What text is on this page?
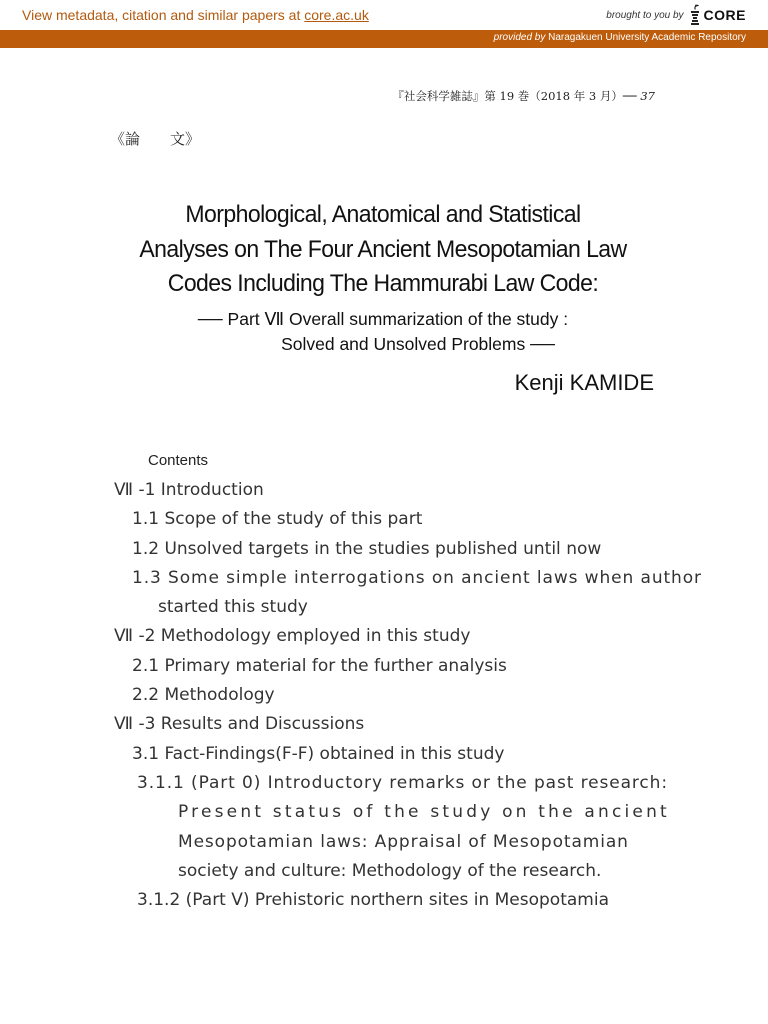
View metadata, citation and similar papers at core.ac.uk	brought to you by CORE
provided by Naragakuen University Academic Repository
『社会科学雑誌』第 19 巻（2018 年 3 月）── 37
《論　　文》
Morphological, Anatomical and Statistical
Analyses on The Four Ancient Mesopotamian Law
Codes Including The Hammurabi Law Code:
── Part Ⅶ Overall summarization of the study :
Solved and Unsolved Problems ──
Kenji KAMIDE
Contents
Ⅶ -1 Introduction
1.1 Scope of the study of this part
1.2 Unsolved targets in the studies published until now
1.3 Some simple interrogations on ancient laws when author
started this study
Ⅶ -2 Methodology employed in this study
2.1 Primary material for the further analysis
2.2 Methodology
Ⅶ -3 Results and Discussions
3.1 Fact-Findings(F-F) obtained in this study
3.1.1 (Part 0) Introductory remarks or the past research:
Present status of the study on the ancient
Mesopotamian laws: Appraisal of Mesopotamian
society and culture: Methodology of the research.
3.1.2 (Part Ⅴ) Prehistoric northern sites in Mesopotamia
